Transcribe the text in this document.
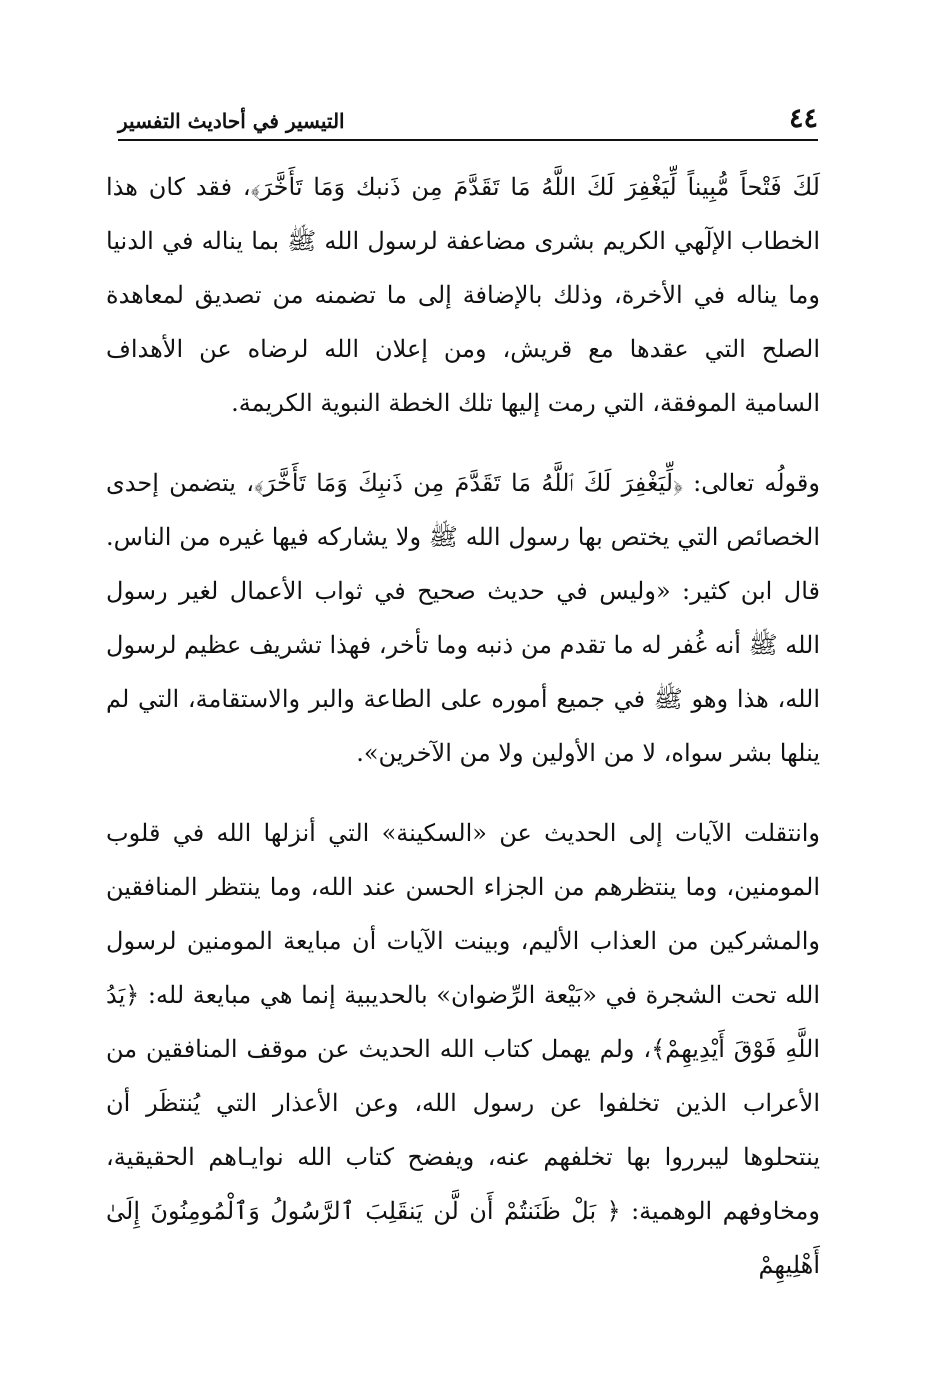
٤٤
التيسير في أحاديث التفسير

لَكَ فَتْحاً مُّبِيناً لِّيَغْفِرَ لَكَ اللَّهُ مَا تَقَدَّمَ مِن ذَنبك وَمَا تَأَخَّرَ﴾، فقد كان هذا الخطاب الإلٓهي الكريم بشرى مضاعفة لرسول الله ﷺ بما يناله في الدنيا وما يناله في الأخرة، وذلك بالإضافة إلى ما تضمنه من تصديق لمعاهدة الصلح التي عقدها مع قريش، ومن إعلان الله لرضاه عن الأهداف السامية الموفقة، التي رمت إليها تلك الخطة النبوية الكريمة.

وقولُه تعالى: ﴿لِّيَغْفِرَ لَكَ ٱللَّهُ مَا تَقَدَّمَ مِن ذَنبِكَ وَمَا تَأَخَّرَ﴾، يتضمن إحدى الخصائص التي يختص بها رسول الله ﷺ ولا يشاركه فيها غيره من الناس. قال ابن كثير: «وليس في حديث صحيح في ثواب الأعمال لغير رسول الله ﷺ أنه غُفر له ما تقدم من ذنبه وما تأخر، فهذا تشريف عظيم لرسول الله، هذا وهو ﷺ في جميع أموره على الطاعة والبر والاستقامة، التي لم ينلها بشر سواه، لا من الأولين ولا من الآخرين».

وانتقلت الآيات إلى الحديث عن «السكينة» التي أنزلها الله في قلوب المومنين، وما ينتظرهم من الجزاء الحسن عند الله، وما ينتظر المنافقين والمشركين من العذاب الأليم، وبينت الآيات أن مبايعة المومنين لرسول الله تحت الشجرة في «بَيْعة الرِّضوان» بالحديبية إنما هي مبايعة لله: ﴿يَدُ اللَّهِ فَوْقَ أَيْدِيهِمْ﴾، ولم يهمل كتاب الله الحديث عن موقف المنافقين من الأعراب الذين تخلفوا عن رسول الله، وعن الأعذار التي يُنتظَر أن ينتحلوها ليبرروا بها تخلفهم عنه، ويفضح كتاب الله نوايـاهم الحقيقية، ومخاوفهم الوهمية: ﴿ بَلْ ظَنَنتُمْ أَن لَّن يَنقَلِبَ ٱلرَّسُولُ وَٱلْمُومِنُونَ إِلَىٰ أَهْلِيهِمْ
